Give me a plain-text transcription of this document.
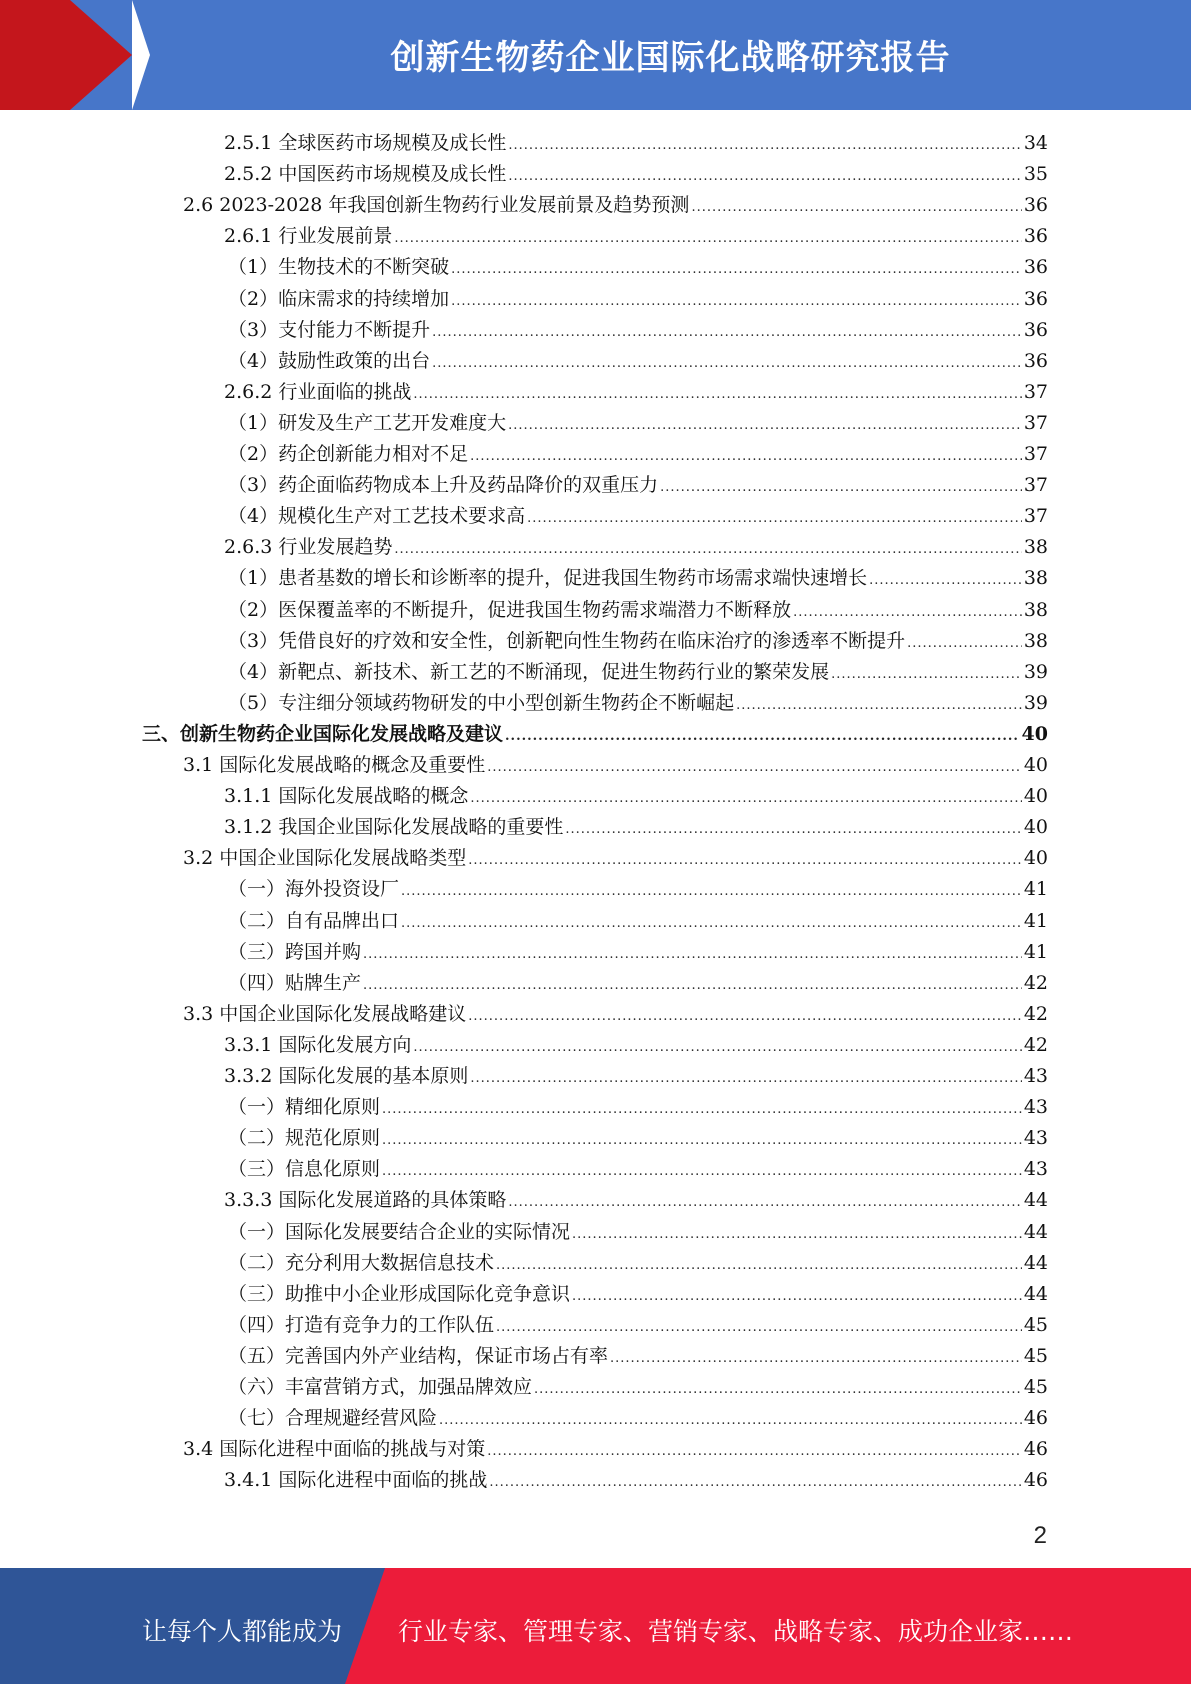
创新生物药企业国际化战略研究报告
2.5.1 全球医药市场规模及成长性 .....	34
2.5.2 中国医药市场规模及成长性 .....	35
2.6 2023-2028 年我国创新生物药行业发展前景及趋势预测 .....	36
2.6.1 行业发展前景 .....	36
（1）生物技术的不断突破 .....	36
（2）临床需求的持续增加 .....	36
（3）支付能力不断提升 .....	36
（4）鼓励性政策的出台 .....	36
2.6.2 行业面临的挑战 .....	37
（1）研发及生产工艺开发难度大 .....	37
（2）药企创新能力相对不足 .....	37
（3）药企面临药物成本上升及药品降价的双重压力 .....	37
（4）规模化生产对工艺技术要求高 .....	37
2.6.3 行业发展趋势 .....	38
（1）患者基数的增长和诊断率的提升，促进我国生物药市场需求端快速增长 .....	38
（2）医保覆盖率的不断提升，促进我国生物药需求端潜力不断释放 .....	38
（3）凭借良好的疗效和安全性，创新靶向性生物药在临床治疗的渗透率不断提升 .....	38
（4）新靶点、新技术、新工艺的不断涌现，促进生物药行业的繁荣发展 .....	39
（5）专注细分领域药物研发的中小型创新生物药企不断崛起 .....	39
三、创新生物药企业国际化发展战略及建议 .....	40
3.1 国际化发展战略的概念及重要性 .....	40
3.1.1 国际化发展战略的概念 .....	40
3.1.2 我国企业国际化发展战略的重要性 .....	40
3.2 中国企业国际化发展战略类型 .....	40
（一）海外投资设厂 .....	41
（二）自有品牌出口 .....	41
（三）跨国并购 .....	41
（四）贴牌生产 .....	42
3.3 中国企业国际化发展战略建议 .....	42
3.3.1 国际化发展方向 .....	42
3.3.2 国际化发展的基本原则 .....	43
（一）精细化原则 .....	43
（二）规范化原则 .....	43
（三）信息化原则 .....	43
3.3.3 国际化发展道路的具体策略 .....	44
（一）国际化发展要结合企业的实际情况 .....	44
（二）充分利用大数据信息技术 .....	44
（三）助推中小企业形成国际化竞争意识 .....	44
（四）打造有竞争力的工作队伍 .....	45
（五）完善国内外产业结构，保证市场占有率 .....	45
（六）丰富营销方式，加强品牌效应 .....	45
（七）合理规避经营风险 .....	46
3.4 国际化进程中面临的挑战与对策 .....	46
3.4.1 国际化进程中面临的挑战 .....	46
2
让每个人都能成为 行业专家、管理专家、营销专家、战略专家、成功企业家……
